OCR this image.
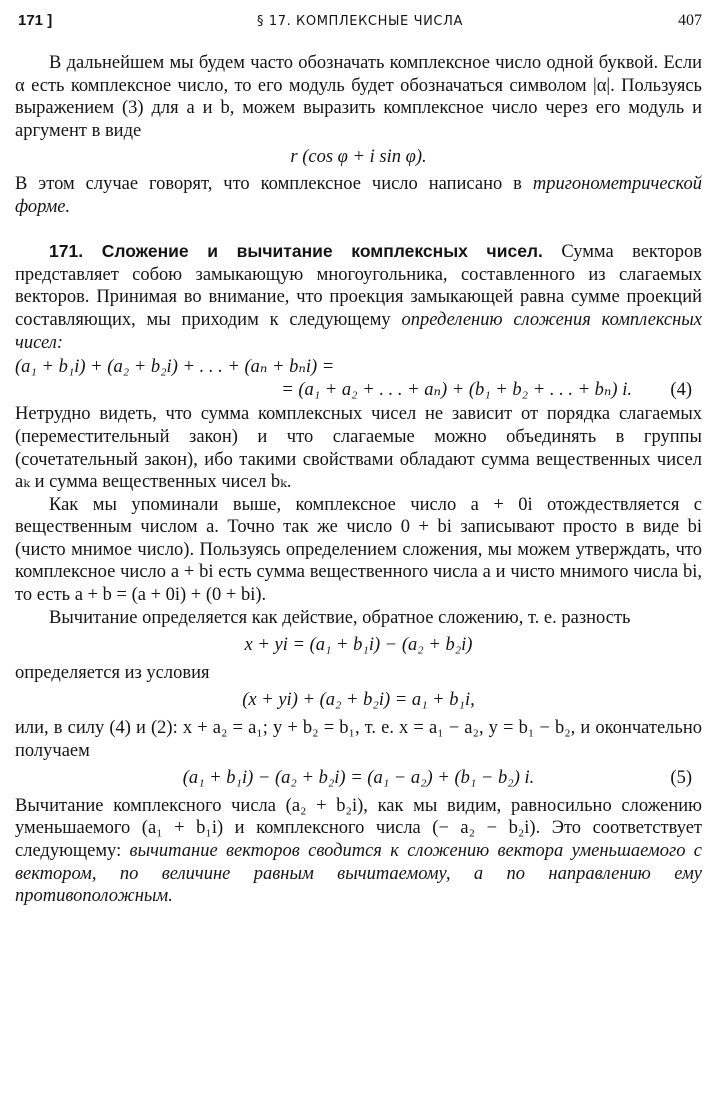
171 ]	§ 17. КОМПЛЕКСНЫЕ ЧИСЛА	407

В дальнейшем мы будем часто обозначать комплексное число одной буквой. Если α есть комплексное число, то его модуль будет обозначаться символом |α|. Пользуясь выражением (3) для a и b, можем выразить комплексное число через его модуль и аргумент в виде

r (cos φ + i sin φ).

В этом случае говорят, что комплексное число написано в тригонометрической форме.

171. Сложение и вычитание комплексных чисел. Сумма векторов представляет собою замыкающую многоугольника, составленного из слагаемых векторов. Принимая во внимание, что проекция замыкающей равна сумме проекций составляющих, мы приходим к следующему определению сложения комплексных чисел:

(a₁ + b₁i) + (a₂ + b₂i) + . . . + (aₙ + bₙi) =
= (a₁ + a₂ + . . . + aₙ) + (b₁ + b₂ + . . . + bₙ) i.	(4)

Нетрудно видеть, что сумма комплексных чисел не зависит от порядка слагаемых (переместительный закон) и что слагаемые можно объединять в группы (сочетательный закон), ибо такими свойствами обладают сумма вещественных чисел aₖ и сумма вещественных чисел bₖ.

Как мы упоминали выше, комплексное число a + 0i отождествляется с вещественным числом a. Точно так же число 0 + bi записывают просто в виде bi (чисто мнимое число). Пользуясь определением сложения, мы можем утверждать, что комплексное число a + bi есть сумма вещественного числа a и чисто мнимого числа bi, то есть a + b = (a + 0i) + (0 + bi).

Вычитание определяется как действие, обратное сложению, т. е. разность

x + yi = (a₁ + b₁i) − (a₂ + b₂i)

определяется из условия

(x + yi) + (a₂ + b₂i) = a₁ + b₁i,

или, в силу (4) и (2): x + a₂ = a₁; y + b₂ = b₁, т. е. x = a₁ − a₂, y = b₁ − b₂, и окончательно получаем

(a₁ + b₁i) − (a₂ + b₂i) = (a₁ − a₂) + (b₁ − b₂) i.	(5)

Вычитание комплексного числа (a₂ + b₂i), как мы видим, равносильно сложению уменьшаемого (a₁ + b₁i) и комплексного числа (− a₂ − b₂i). Это соответствует следующему: вычитание векторов сводится к сложению вектора уменьшаемого с вектором, по величине равным вычитаемому, а по направлению ему противоположным.
